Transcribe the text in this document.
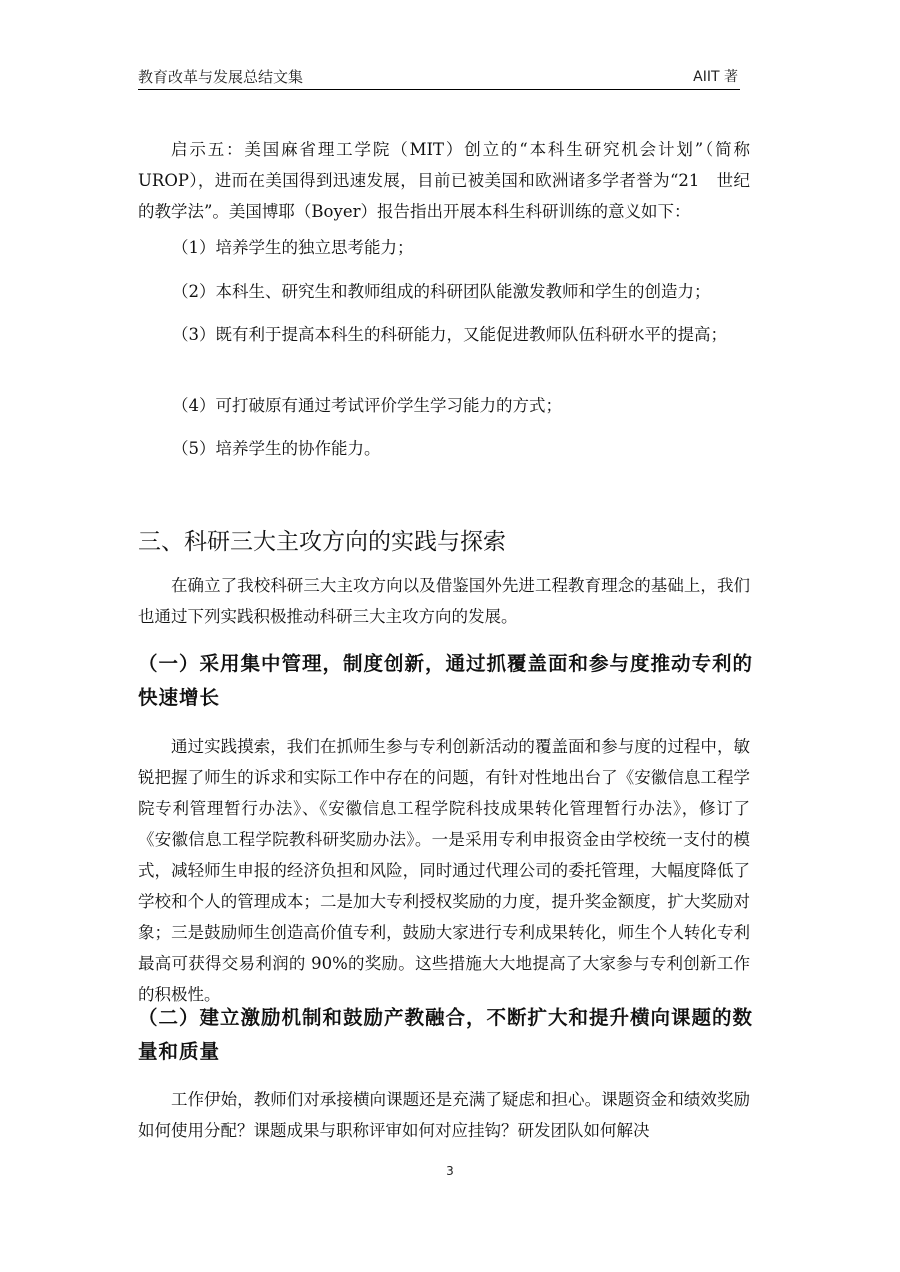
教育改革与发展总结文集	AIIT 著

启示五：美国麻省理工学院（MIT）创立的“本科生研究机会计划”（简称UROP），进而在美国得到迅速发展，目前已被美国和欧洲诸多学者誉为“21　世纪的教学法”。美国博耶（Boyer）报告指出开展本科生科研训练的意义如下：

（1）培养学生的独立思考能力；

（2）本科生、研究生和教师组成的科研团队能激发教师和学生的创造力；

（3）既有利于提高本科生的科研能力，又能促进教师队伍科研水平的提高；

（4）可打破原有通过考试评价学生学习能力的方式；

（5）培养学生的协作能力。

三、科研三大主攻方向的实践与探索

在确立了我校科研三大主攻方向以及借鉴国外先进工程教育理念的基础上，我们也通过下列实践积极推动科研三大主攻方向的发展。

（一）采用集中管理，制度创新，通过抓覆盖面和参与度推动专利的快速增长

通过实践摸索，我们在抓师生参与专利创新活动的覆盖面和参与度的过程中，敏锐把握了师生的诉求和实际工作中存在的问题，有针对性地出台了《安徽信息工程学院专利管理暂行办法》、《安徽信息工程学院科技成果转化管理暂行办法》，修订了《安徽信息工程学院教科研奖励办法》。一是采用专利申报资金由学校统一支付的模式，减轻师生申报的经济负担和风险，同时通过代理公司的委托管理，大幅度降低了学校和个人的管理成本；二是加大专利授权奖励的力度，提升奖金额度，扩大奖励对象；三是鼓励师生创造高价值专利，鼓励大家进行专利成果转化，师生个人转化专利最高可获得交易利润的 90%的奖励。这些措施大大地提高了大家参与专利创新工作的积极性。

（二）建立激励机制和鼓励产教融合，不断扩大和提升横向课题的数量和质量

工作伊始，教师们对承接横向课题还是充满了疑虑和担心。课题资金和绩效奖励如何使用分配？课题成果与职称评审如何对应挂钩？研发团队如何解决

3
